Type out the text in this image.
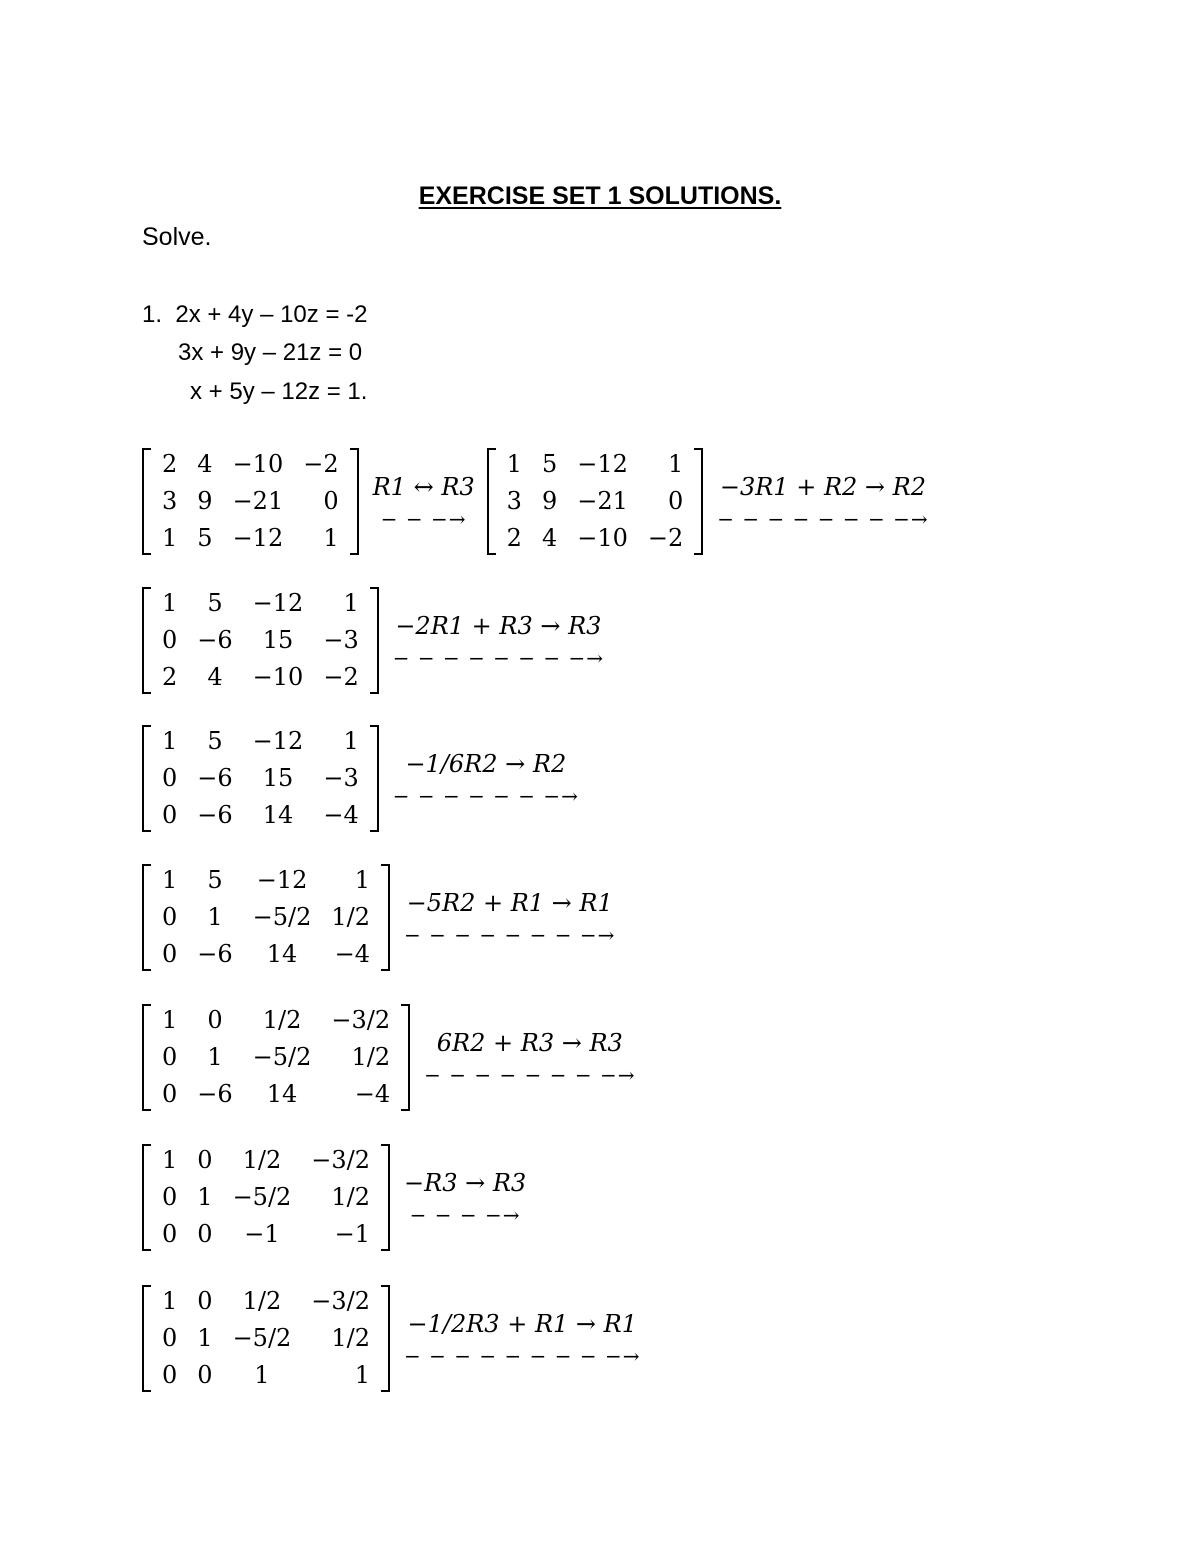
EXERCISE SET 1 SOLUTIONS.
Solve.
1.  2x + 4y – 10z = -2
3x + 9y – 21z = 0
x + 5y – 12z = 1.
2	4	−10	−2
3	9	−21	0
1	5	−12	1
R1 ↔ R3
− − −→
1	5	−12	1
3	9	−21	0
2	4	−10	−2
−3R1 + R2 → R2
− − − − − − − −→
1	5	−12	1
0	−6	15	−3
2	4	−10	−2
−2R1 + R3 → R3
− − − − − − − −→
1	5	−12	1
0	−6	15	−3
0	−6	14	−4
−1/6R2 → R2
− − − − − − −→
1	5	−12	1
0	1	−5/2	1/2
0	−6	14	−4
−5R2 + R1 → R1
− − − − − − − −→
1	0	1/2	−3/2
0	1	−5/2	1/2
0	−6	14	−4
6R2 + R3 → R3
− − − − − − − −→
1	0	1/2	−3/2
0	1	−5/2	1/2
0	0	−1	−1
−R3 → R3
− − − −→
1	0	1/2	−3/2
0	1	−5/2	1/2
0	0	1	1
−1/2R3 + R1 → R1
− − − − − − − − −→
